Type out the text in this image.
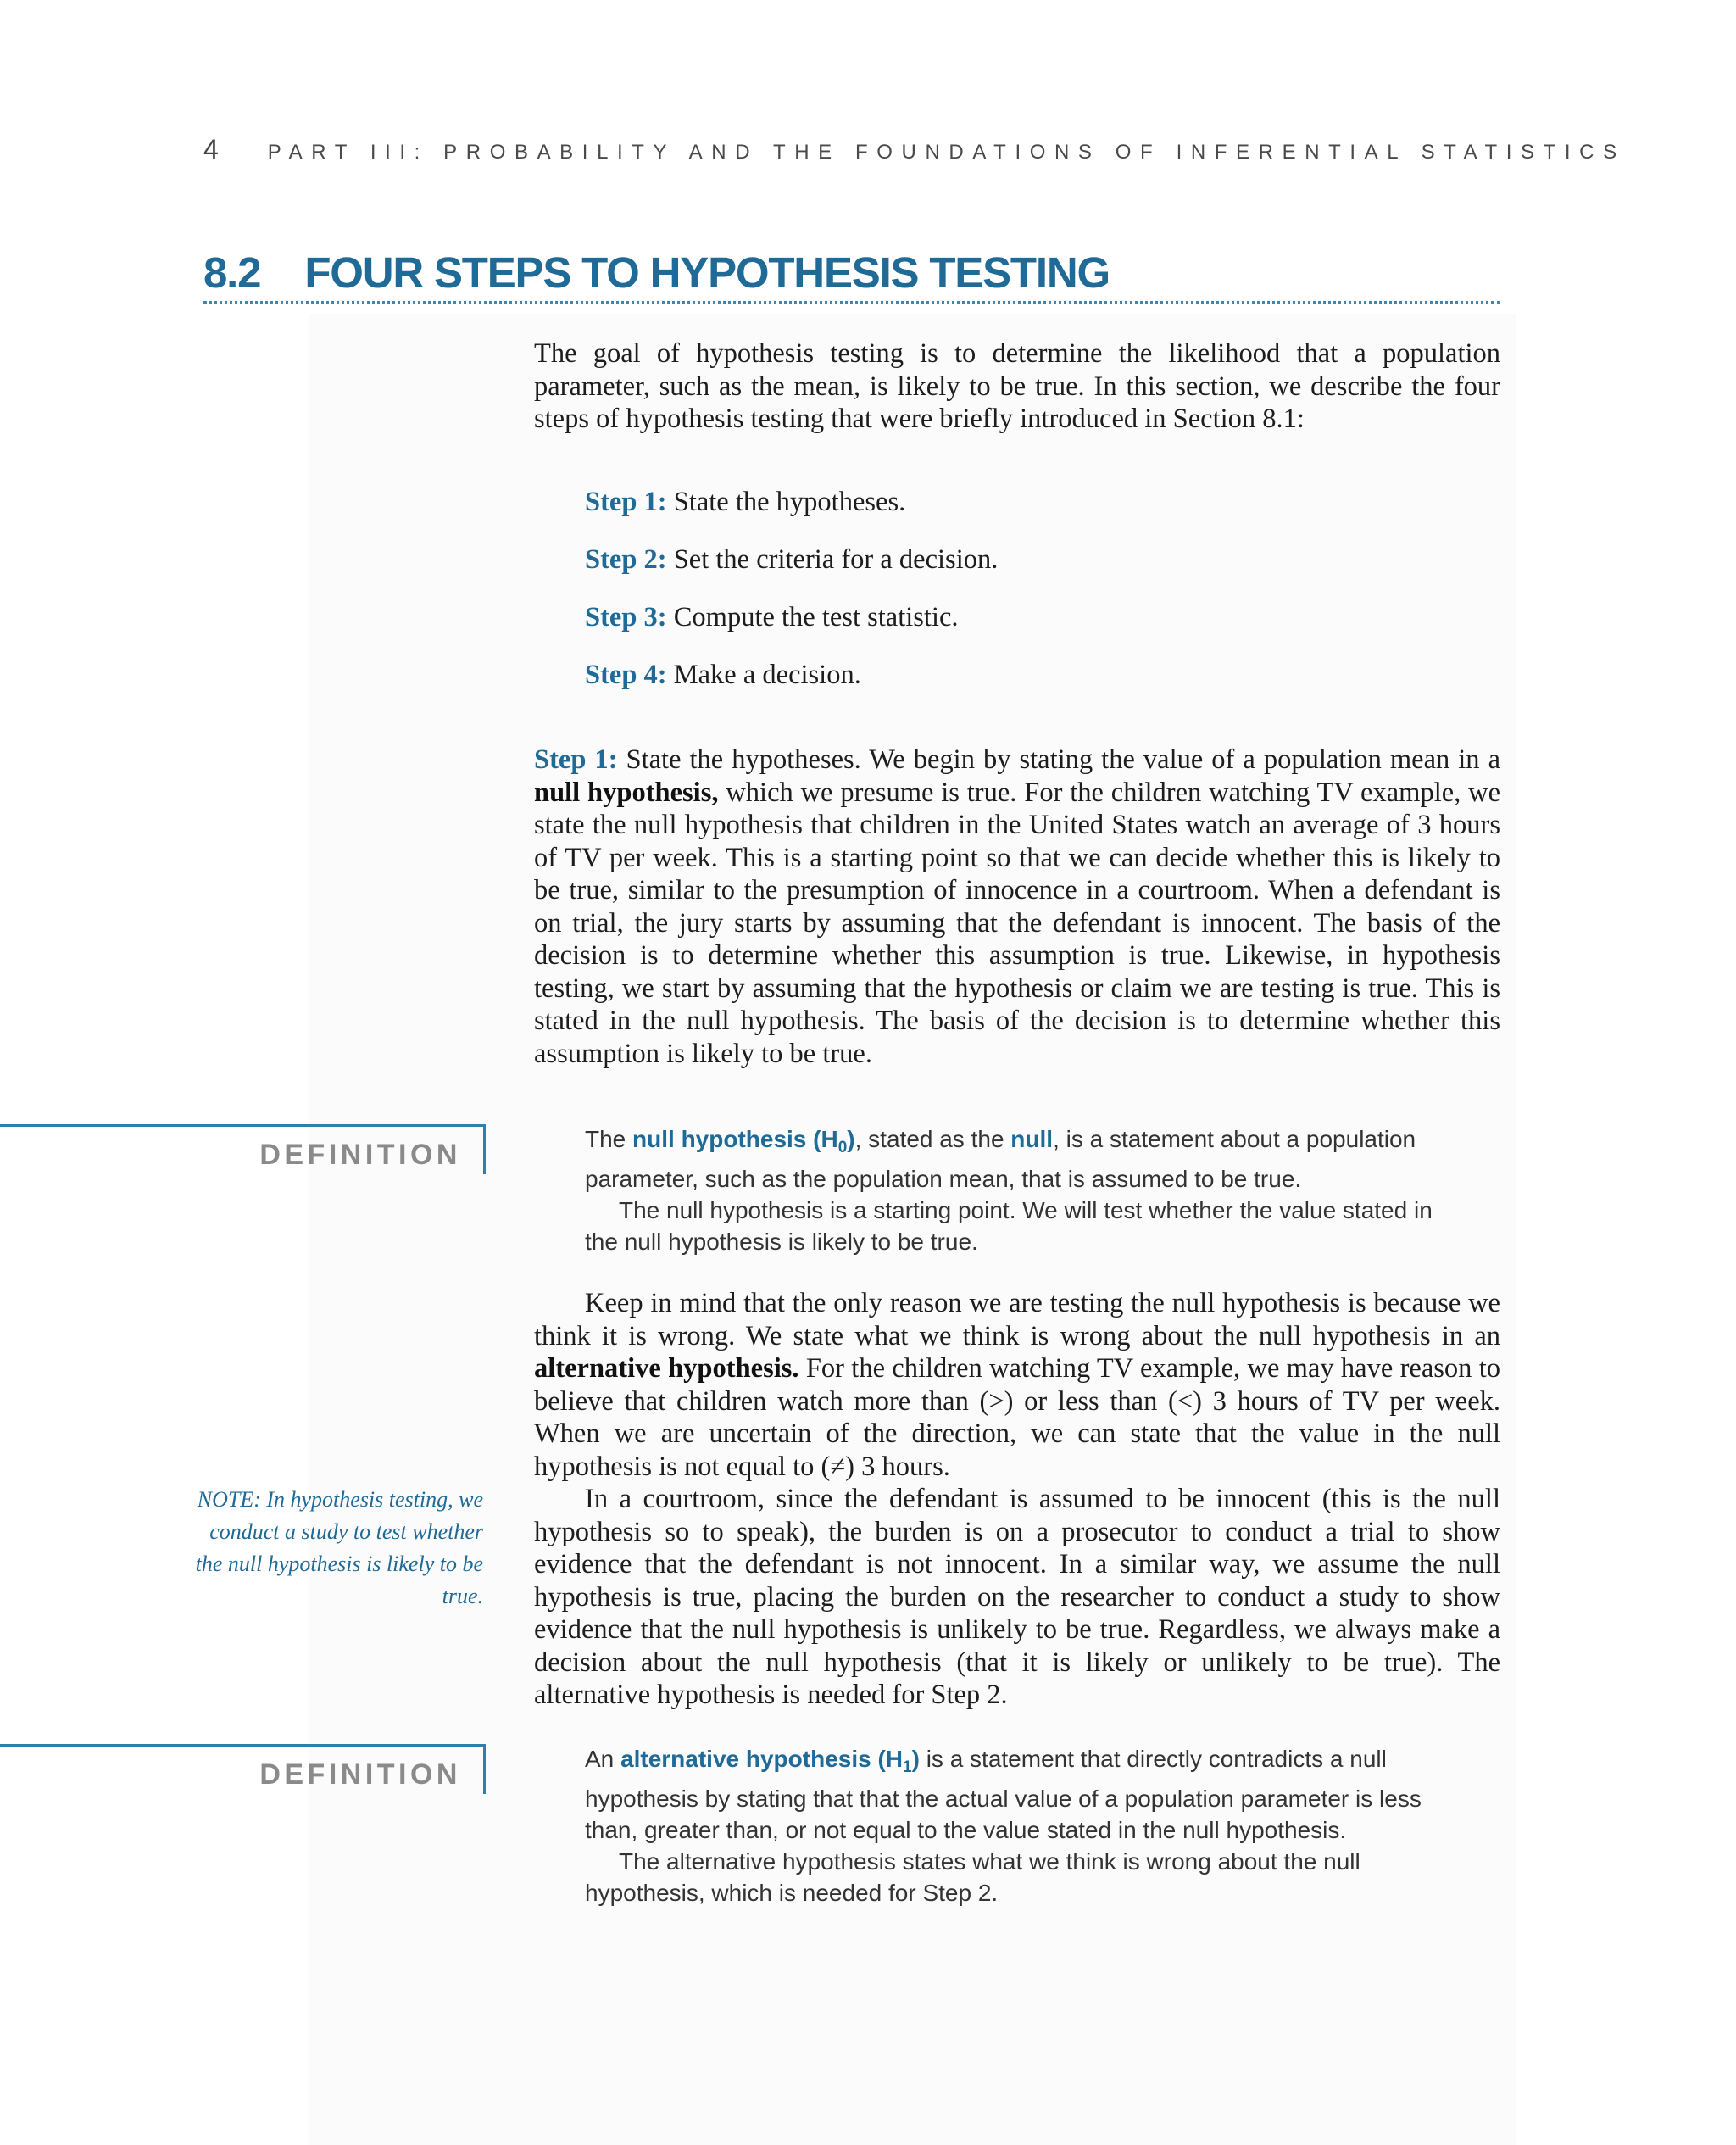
4 PART III: PROBABILITY AND THE FOUNDATIONS OF INFERENTIAL STATISTICS
8.2 FOUR STEPS TO HYPOTHESIS TESTING

The goal of hypothesis testing is to determine the likelihood that a population parameter, such as the mean, is likely to be true. In this section, we describe the four steps of hypothesis testing that were briefly introduced in Section 8.1:

Step 1: State the hypotheses.
Step 2: Set the criteria for a decision.
Step 3: Compute the test statistic.
Step 4: Make a decision.

Step 1: State the hypotheses. We begin by stating the value of a population mean in a null hypothesis, which we presume is true. For the children watching TV example, we state the null hypothesis that children in the United States watch an average of 3 hours of TV per week. This is a starting point so that we can decide whether this is likely to be true, similar to the presumption of innocence in a courtroom. When a defendant is on trial, the jury starts by assuming that the defendant is innocent. The basis of the decision is to determine whether this assumption is true. Likewise, in hypothesis testing, we start by assuming that the hypothesis or claim we are testing is true. This is stated in the null hypothesis. The basis of the decision is to determine whether this assumption is likely to be true.

DEFINITION	The null hypothesis $(H_0)$, stated as the null, is a statement about a population parameter, such as the population mean, that is assumed to be true.

The null hypothesis is a starting point. We will test whether the value stated in the null hypothesis is likely to be true.

Keep in mind that the only reason we are testing the null hypothesis is because we think it is wrong. We state what we think is wrong about the null hypothesis in an alternative hypothesis. For the children watching TV example, we may have reason to believe that children watch more than (>) or less than (<) 3 hours of TV per week. When we are uncertain of the direction, we can state that the value in the null hypothesis is not equal to (≠) 3 hours.

In a courtroom, since the defendant is assumed to be innocent (this is the null hypothesis so to speak), the burden is on a prosecutor to conduct a trial to show evidence that the defendant is not innocent. In a similar way, we assume the null hypothesis is true, placing the burden on the researcher to conduct a study to show evidence that the null hypothesis is unlikely to be true. Regardless, we always make a decision about the null hypothesis (that it is likely or unlikely to be true). The alternative hypothesis is needed for Step 2.

NOTE: In hypothesis testing, we conduct a study to test whether the null hypothesis is likely to be true.

DEFINITION	An alternative hypothesis $(H_1)$ is a statement that directly contradicts a null hypothesis by stating that that the actual value of a population parameter is less than, greater than, or not equal to the value stated in the null hypothesis.

The alternative hypothesis states what we think is wrong about the null hypothesis, which is needed for Step 2.
